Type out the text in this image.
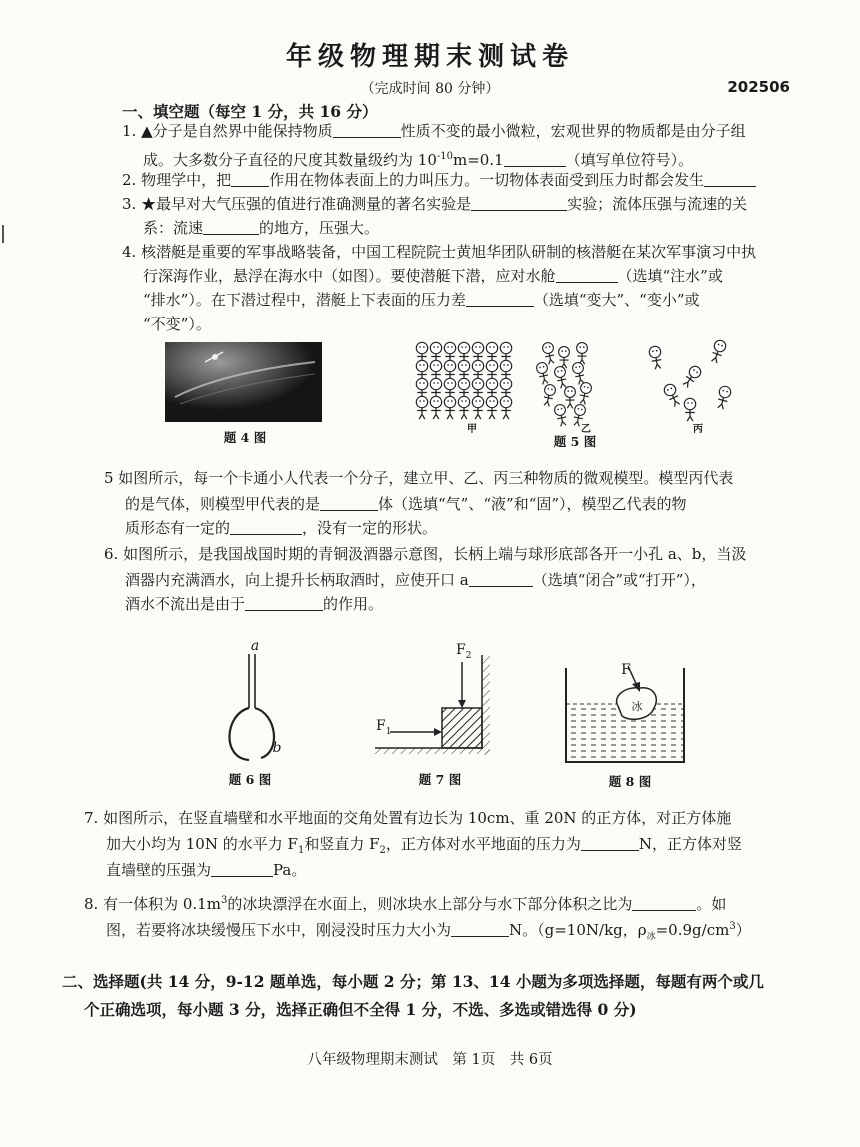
年级物理期末测试卷
（完成时间 80 分钟）	202506
一、填空题（每空 1 分，共 16 分）
1. ▲分子是自然界中能保持物质	性质不变的最小微粒，宏观世界的物质都是由分子组
成。大多数分子直径的尺度其数量级约为 $10^{-10}m=0.1$	（填写单位符号）。
2. 物理学中，把	作用在物体表面上的力叫压力。一切物体表面受到压力时都会发生
3. ★最早对大气压强的值进行准确测量的著名实验是	实验；流体压强与流速的关
系：流速	的地方，压强大。
4. 核潜艇是重要的军事战略装备，中国工程院院士黄旭华团队研制的核潜艇在某次军事演习中执
行深海作业，悬浮在海水中（如图）。要使潜艇下潜，应对水舱	（选填“注水”或
“排水”）。在下潜过程中，潜艇上下表面的压力差	（选填“变大”、“变小”或
“不变”）。
题 4 图
甲	乙	丙
题 5 图
5 如图所示，每一个卡通小人代表一个分子，建立甲、乙、丙三种物质的微观模型。模型丙代表
的是气体，则模型甲代表的是	体（选填“气”、“液”和“固”），模型乙代表的物
质形态有一定的	，没有一定的形状。
6. 如图所示，是我国战国时期的青铜汲酒器示意图，长柄上端与球形底部各开一小孔 a、b，当汲
酒器内充满酒水，向上提升长柄取酒时，应使开口 a	（选填“闭合”或“打开”），
酒水不流出是由于	的作用。
a
b
题 6 图
$F_1$
$F_2$
题 7 图
F
冰
题 8 图
7. 如图所示，在竖直墙壁和水平地面的交角处置有边长为 10cm、重 20N 的正方体，对正方体施
加大小均为 10N 的水平力 $F_1$和竖直力 $F_2$，正方体对水平地面的压力为	N，正方体对竖
直墙壁的压强为	Pa。
8. 有一体积为 $0.1m^3$的冰块漂浮在水面上，则冰块水上部分与水下部分体积之比为	。如
图，若要将冰块缓慢压下水中，刚浸没时压力大小为	N。（g=10N/kg，$\rho_冰=0.9g/cm^3$）
二、选择题(共 14 分，9-12 题单选，每小题 2 分；第 13、14 小题为多项选择题，每题有两个或几
个正确选项，每小题 3 分，选择正确但不全得 1 分，不选、多选或错选得 0 分)
八年级物理期末测试　第 1页　共 6页
